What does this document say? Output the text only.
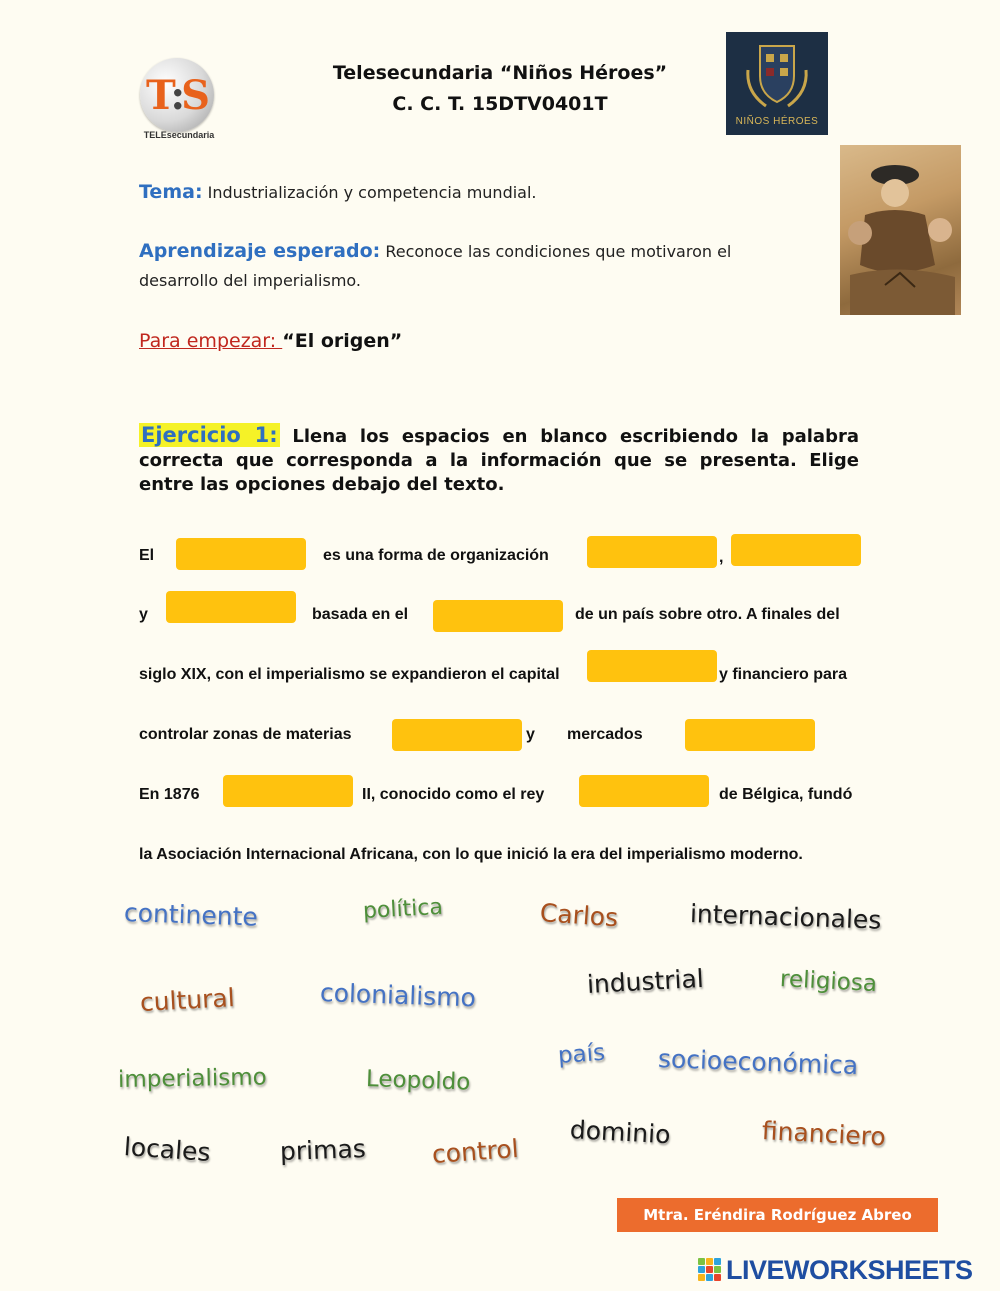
T:S
TELEsecundaria
Telesecundaria “Niños Héroes”
C. C. T. 15DTV0401T
NIÑOS HÉROES
Tema: Industrialización y competencia mundial.
Aprendizaje esperado: Reconoce las condiciones que motivaron el
desarrollo del imperialismo.
Para empezar: “El origen”
Ejercicio 1: Llena los espacios en blanco escribiendo la palabra correcta que corresponda a la información que se presenta. Elige entre las opciones debajo del texto.
El	es una forma de organización	,
y	basada en el	de un país sobre otro. A finales del
siglo XIX, con el imperialismo se expandieron el capital	y financiero para
controlar zonas de materias	y mercados
En 1876	II, conocido como el rey	de Bélgica, fundó
la Asociación Internacional Africana, con lo que inició la era del imperialismo moderno.
continente	política	Carlos	internacionales
cultural	colonialismo	industrial	religiosa
imperialismo	Leopoldo
país socioeconómica
locales	primas	control
dominio	financiero
Mtra. Eréndira Rodríguez Abreo
LIVEWORKSHEETS
